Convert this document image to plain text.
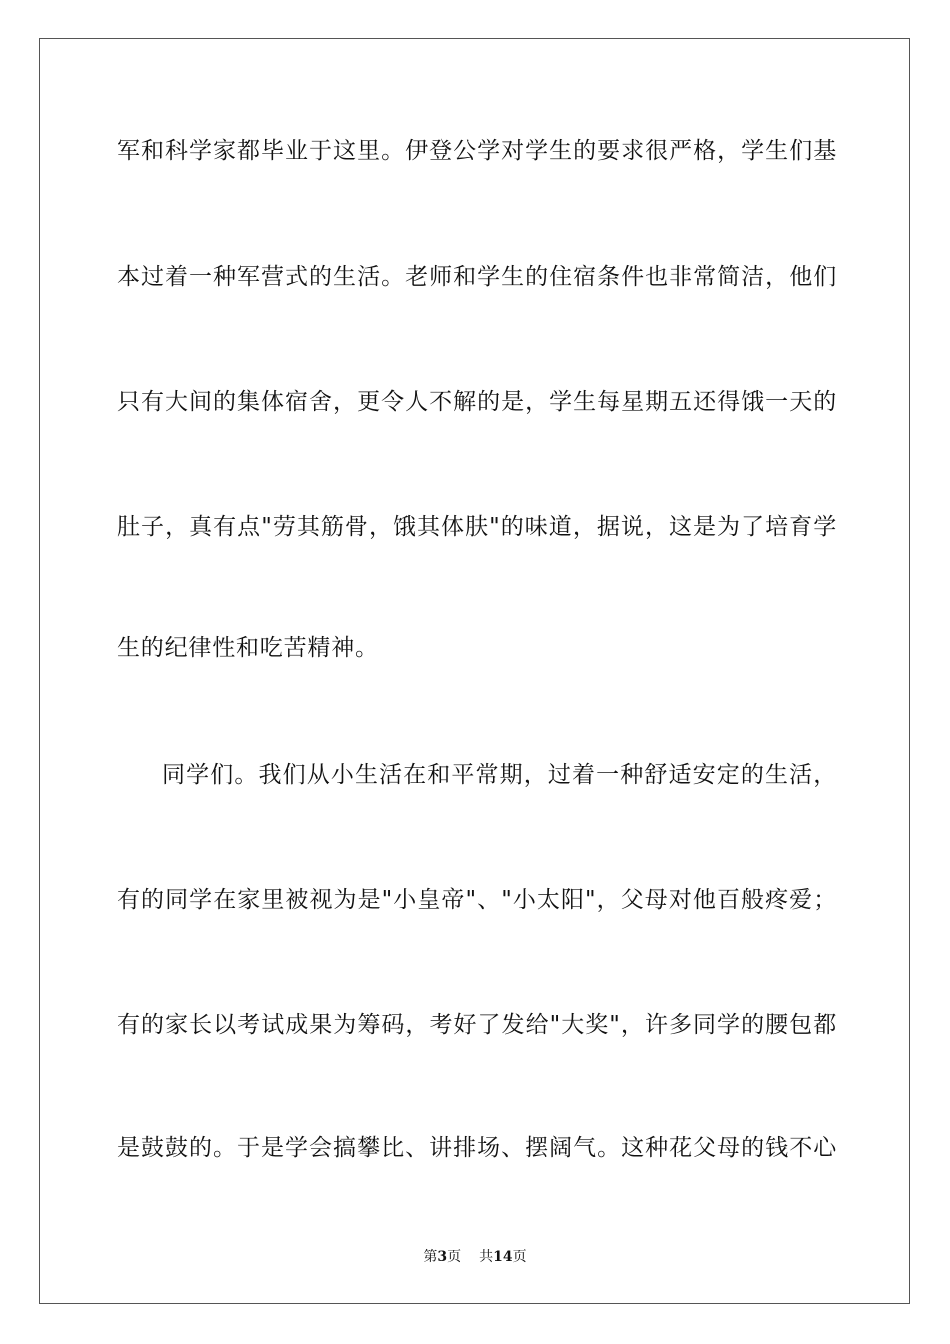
军和科学家都毕业于这里。伊登公学对学生的要求很严格，学生们基
本过着一种军营式的生活。老师和学生的住宿条件也非常简洁，他们
只有大间的集体宿舍，更令人不解的是，学生每星期五还得饿一天的
肚子，真有点"劳其筋骨，饿其体肤"的味道，据说，这是为了培育学
生的纪律性和吃苦精神。
同学们。我们从小生活在和平常期，过着一种舒适安定的生活，
有的同学在家里被视为是"小皇帝"、"小太阳"，父母对他百般疼爱；
有的家长以考试成果为筹码，考好了发给"大奖"，许多同学的腰包都
是鼓鼓的。于是学会搞攀比、讲排场、摆阔气。这种花父母的钱不心
第3页 共14页
